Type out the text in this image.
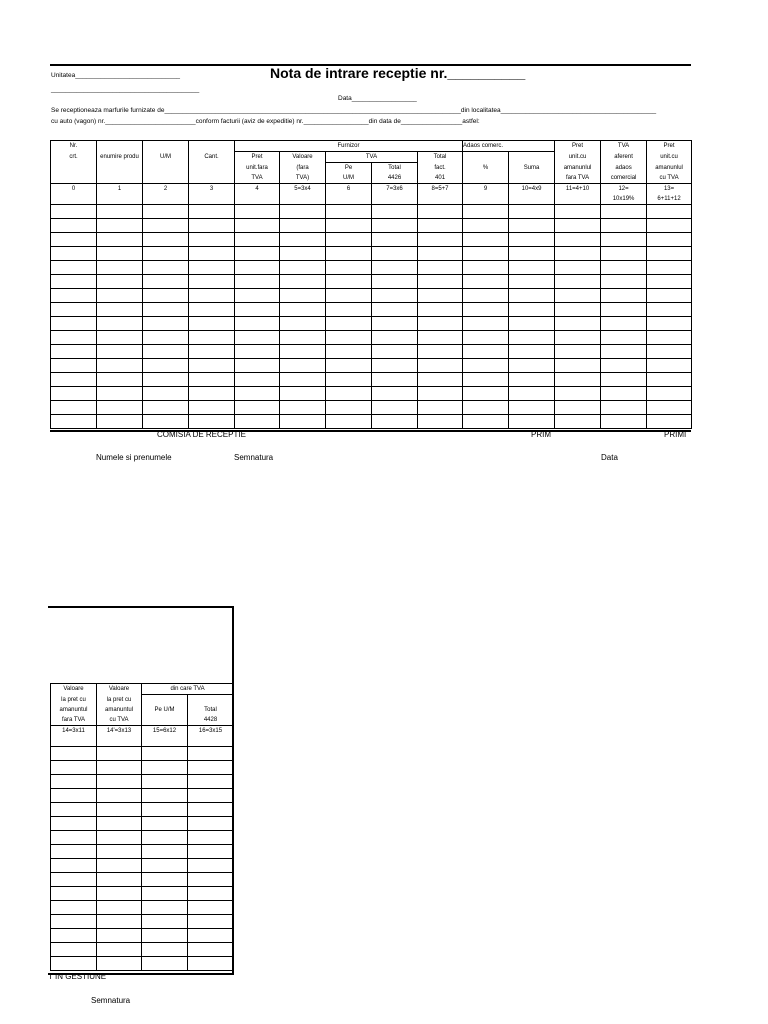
Unitatea_____________________________	Nota de intrare receptie nr.__________
_________________________________________
Data__________________
Se receptioneaza marfurile furnizate de__________________________________________________________________________________din localitatea___________________________________________
cu auto (vagon) nr._________________________conform facturii (aviz de expeditie) nr.__________________din data de_________________astfel:
Nr.				Furnizor					Adaos comerc.		Pret	TVA	Pret
crt.	enumire produ	U/M	Cant.	Pret	Valoare	TVA		Total			unit.cu	aferent	unit.cu
				unit.fara	(fara	Pe	Total	fact.	%	Suma	amanunlul	adaos	amanunlul
				TVA	TVA)	U/M	4426	401			fara TVA	comercial	cu TVA
0	1	2	3	4	5=3x4	6	7=3x6	8=5+7	9	10=4x9	11=4+10	12=	13=
												10x19%	6+11+12

COMISIA DE RECEPTIE	PRIM	PRIMI
Numele si prenumele	Semnatura	Data
Valoare	Valoare	din care TVA	
la pret cu	la pret cu		
amanuntul	amanuntul	Pe U/M	Total
fara TVA	cu TVA		4428
14=3x11	14'=3x13	15=6x12	16=3x15

T IN GESTIUNE
Semnatura
